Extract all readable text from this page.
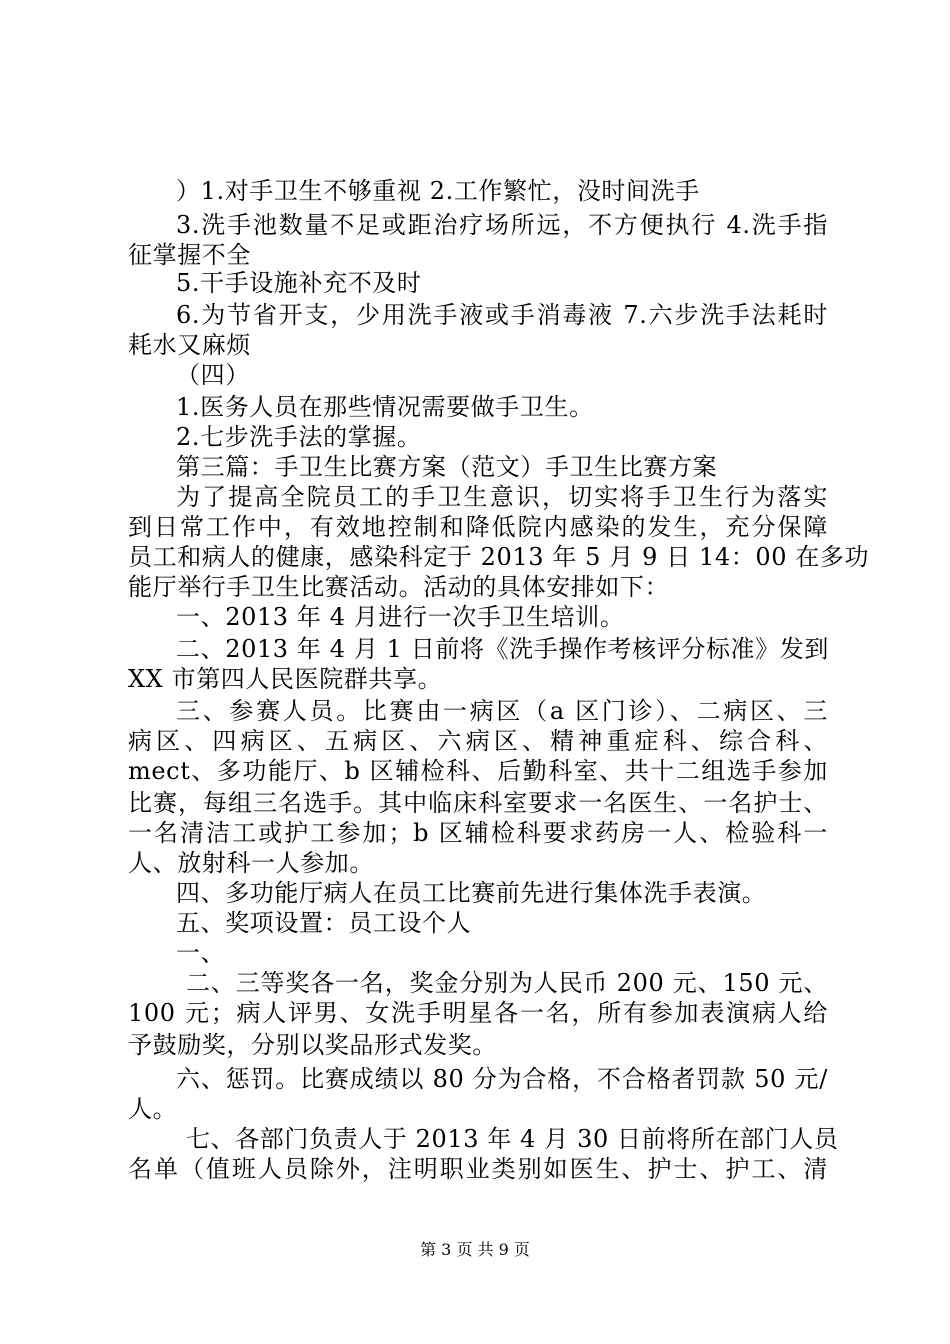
）1.对手卫生不够重视 2.工作繁忙，没时间洗手
3.洗手池数量不足或距治疗场所远，不方便执行 4.洗手指
征掌握不全
5.干手设施补充不及时
6.为节省开支，少用洗手液或手消毒液 7.六步洗手法耗时
耗水又麻烦
（四）
1.医务人员在那些情况需要做手卫生。
2.七步洗手法的掌握。
第三篇：手卫生比赛方案（范文）手卫生比赛方案
为了提高全院员工的手卫生意识，切实将手卫生行为落实
到日常工作中，有效地控制和降低院内感染的发生，充分保障
员工和病人的健康，感染科定于 2013 年 5 月 9 日 14：00 在多功
能厅举行手卫生比赛活动。活动的具体安排如下：
一、2013 年 4 月进行一次手卫生培训。
二、2013 年 4 月 1 日前将《洗手操作考核评分标准》发到
XX 市第四人民医院群共享。
三、参赛人员。比赛由一病区（a 区门诊）、二病区、三
病区、四病区、五病区、六病区、精神重症科、综合科、
mect、多功能厅、b 区辅检科、后勤科室、共十二组选手参加
比赛，每组三名选手。其中临床科室要求一名医生、一名护士、
一名清洁工或护工参加；b 区辅检科要求药房一人、检验科一
人、放射科一人参加。
四、多功能厅病人在员工比赛前先进行集体洗手表演。
五、奖项设置：员工设个人
一、
二、三等奖各一名，奖金分别为人民币 200 元、150 元、
100 元；病人评男、女洗手明星各一名，所有参加表演病人给
予鼓励奖，分别以奖品形式发奖。
六、惩罚。比赛成绩以 80 分为合格，不合格者罚款 50 元/
人。
七、各部门负责人于 2013 年 4 月 30 日前将所在部门人员
名单（值班人员除外，注明职业类别如医生、护士、护工、清
第 3 页 共 9 页
